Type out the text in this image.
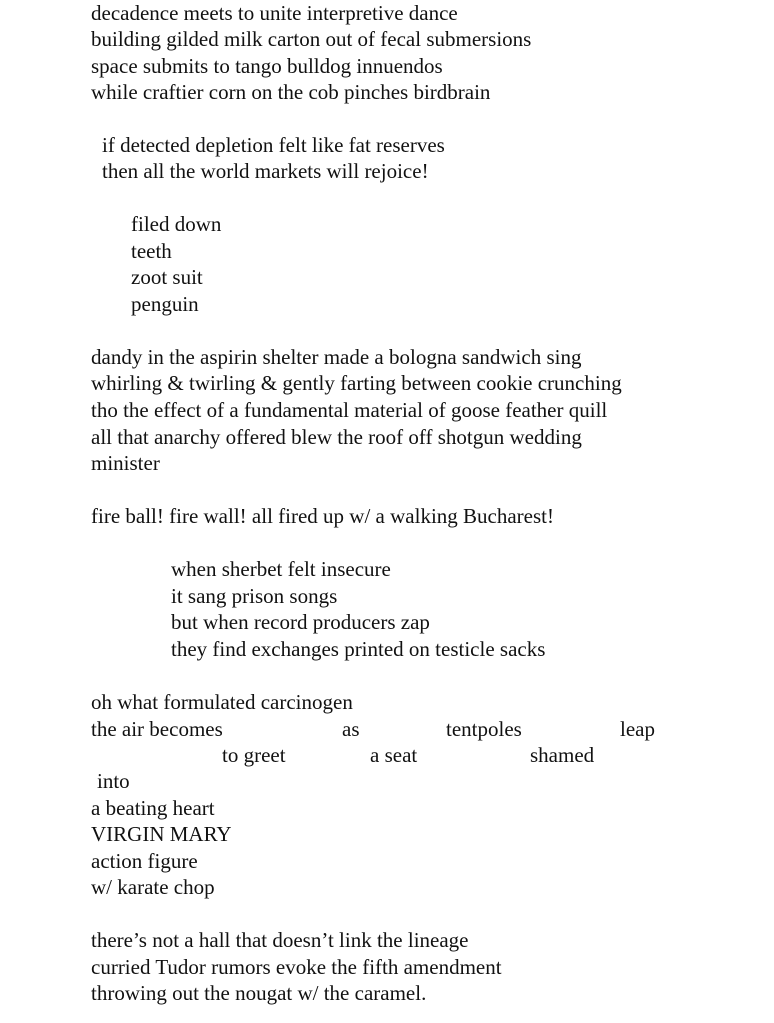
decadence meets to unite interpretive dance
building gilded milk carton out of fecal submersions
space submits to tango bulldog innuendos
while craftier corn on the cob pinches birdbrain
if detected depletion felt like fat reserves
then all the world markets will rejoice!
filed down
teeth
zoot suit
penguin
dandy in the aspirin shelter made a bologna sandwich sing
whirling & twirling & gently farting between cookie crunching
tho the effect of a fundamental material of goose feather quill
all that anarchy offered blew the roof off shotgun wedding
minister
fire ball! fire wall! all fired up w/ a walking Bucharest!
when sherbet felt insecure
it sang prison songs
but when record producers zap
they find exchanges printed on testicle sacks
oh what formulated carcinogen
the air becomes	as	tentpoles	leap
to greet	a seat	shamed
into
a beating heart
VIRGIN MARY
action figure
w/ karate chop
there’s not a hall that doesn’t link the lineage
curried Tudor rumors evoke the fifth amendment
throwing out the nougat w/ the caramel.
